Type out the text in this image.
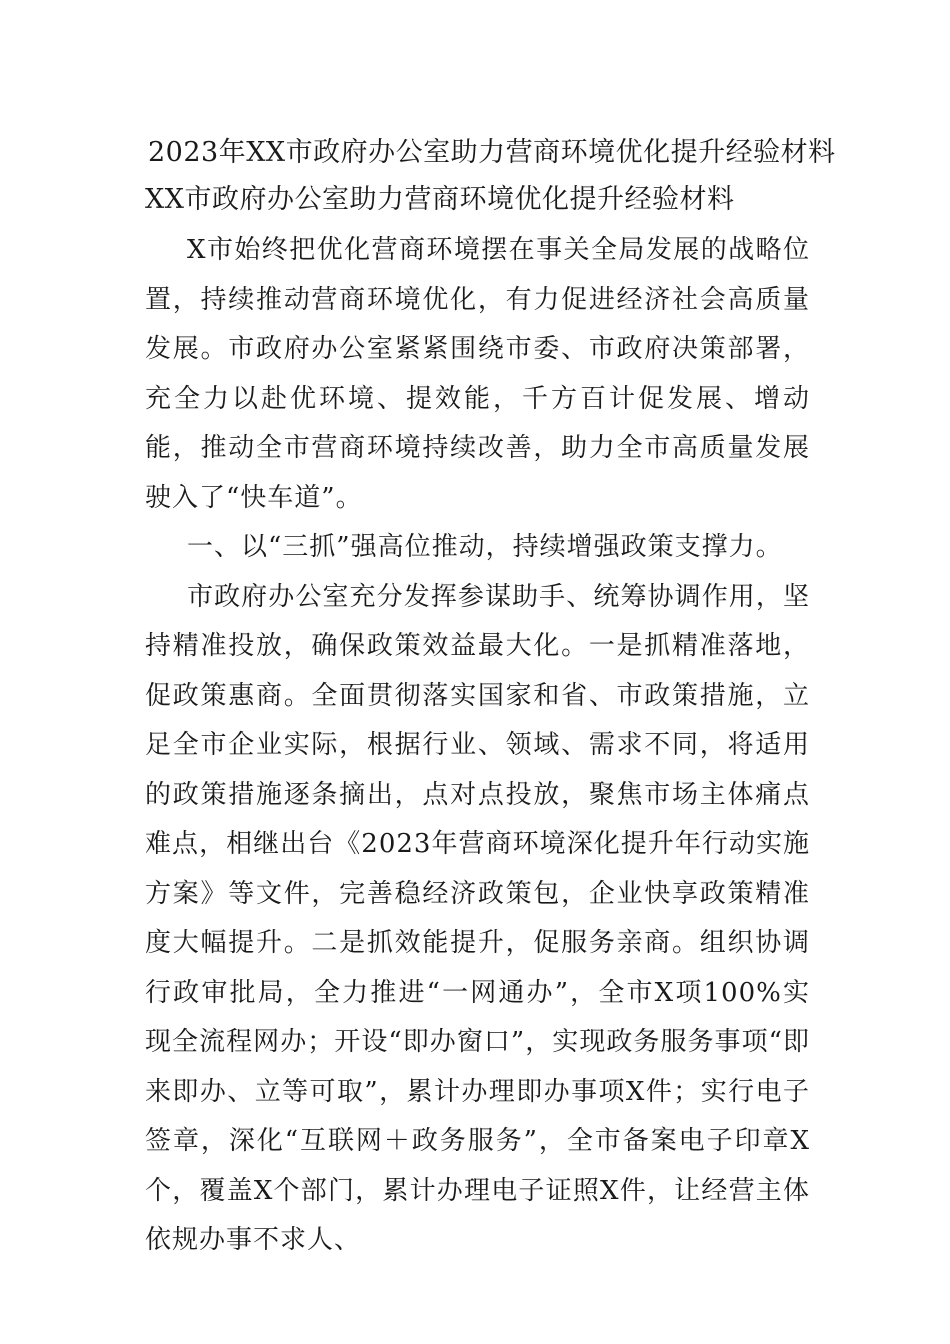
2023年XX市政府办公室助力营商环境优化提升经验材料
XX市政府办公室助力营商环境优化提升经验材料

X市始终把优化营商环境摆在事关全局发展的战略位置，持续推动营商环境优化，有力促进经济社会高质量发展。市政府办公室紧紧围绕市委、市政府决策部署，充全力以赴优环境、提效能，千方百计促发展、增动能，推动全市营商环境持续改善，助力全市高质量发展驶入了“快车道”。

一、以“三抓”强高位推动，持续增强政策支撑力。

市政府办公室充分发挥参谋助手、统筹协调作用，坚持精准投放，确保政策效益最大化。一是抓精准落地，促政策惠商。全面贯彻落实国家和省、市政策措施，立足全市企业实际，根据行业、领域、需求不同，将适用的政策措施逐条摘出，点对点投放，聚焦市场主体痛点难点，相继出台《2023年营商环境深化提升年行动实施方案》等文件，完善稳经济政策包，企业快享政策精准度大幅提升。二是抓效能提升，促服务亲商。组织协调行政审批局，全力推进“一网通办”，全市X项100%实现全流程网办；开设“即办窗口”，实现政务服务事项“即来即办、立等可取”，累计办理即办事项X件；实行电子签章，深化“互联网＋政务服务”，全市备案电子印章X个，覆盖X个部门，累计办理电子证照X件，让经营主体依规办事不求人、
